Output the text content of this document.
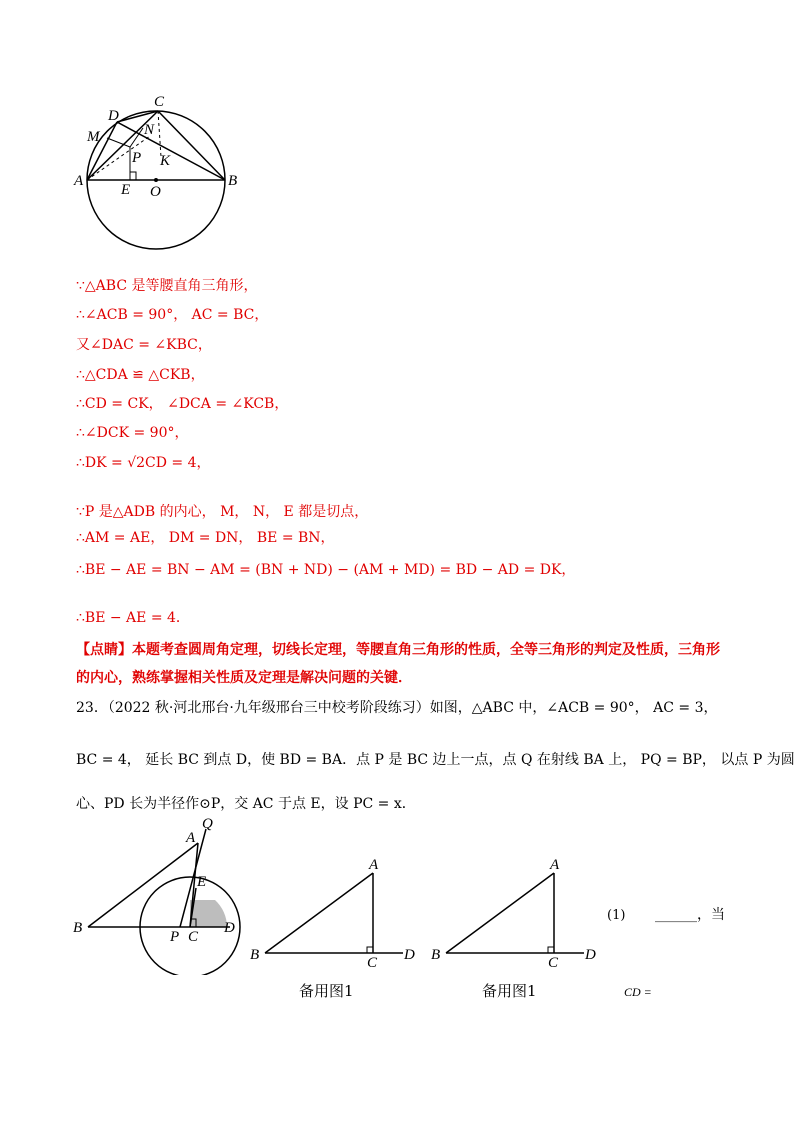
C
D
M	N
P K
A	B
E O
∵△ABC 是等腰直角三角形，
∴∠ACB = 90°， AC = BC，
又∠DAC = ∠KBC，
∴△CDA ≌ △CKB，
∴CD = CK， ∠DCA = ∠KCB，
∴∠DCK = 90°，
∴DK = √2CD = 4，
∵P 是△ADB 的内心， M， N， E 都是切点，
∴AM = AE， DM = DN， BE = BN，
∴BE − AE = BN − AM = (BN + ND) − (AM + MD) = BD − AD = DK，
∴BE − AE = 4．
【点睛】本题考查圆周角定理，切线长定理，等腰直角三角形的性质，全等三角形的判定及性质，三角形
的内心，熟练掌握相关性质及定理是解决问题的关键．
23．（2022 秋·河北邢台·九年级邢台三中校考阶段练习）如图，△ABC 中，∠ACB = 90°， AC = 3，
BC = 4， 延长 BC 到点 D，使 BD = BA．点 P 是 BC 边上一点，点 Q 在射线 BA 上， PQ = BP， 以点 P 为圆
心、PD 长为半径作⊙P，交 AC 于点 E，设 PC = x．
A
Q
E
B
P C
D
A
B	C D
备用图1
A
B	C D
备用图1
(1) ______，当
CD =
